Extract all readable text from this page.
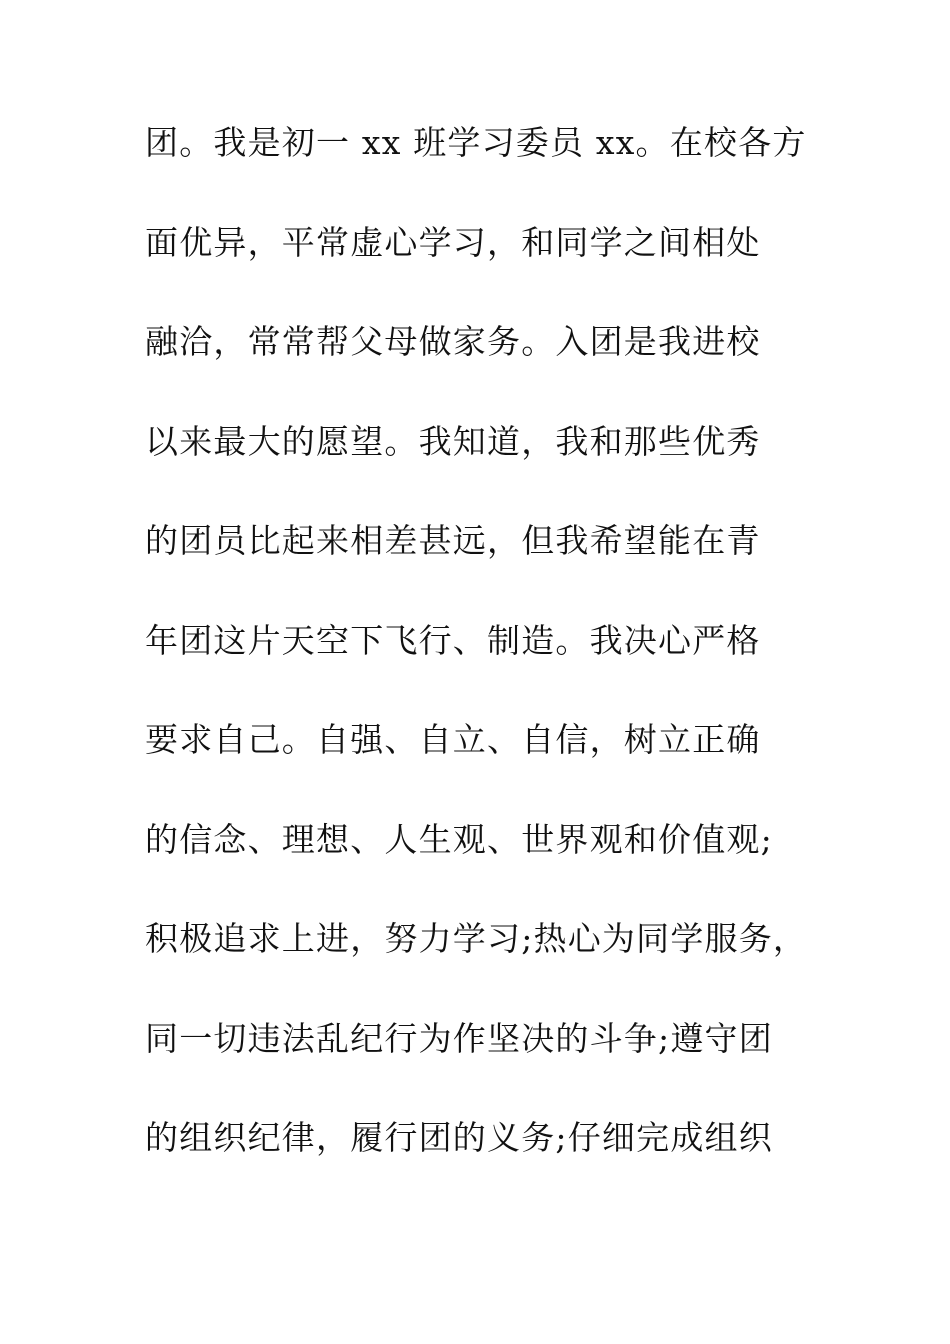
团。我是初一 xx 班学习委员 xx。在校各方
面优异，平常虚心学习，和同学之间相处
融洽，常常帮父母做家务。入团是我进校
以来最大的愿望。我知道，我和那些优秀
的团员比起来相差甚远，但我希望能在青
年团这片天空下飞行、制造。我决心严格
要求自己。自强、自立、自信，树立正确
的信念、理想、人生观、世界观和价值观;
积极追求上进，努力学习;热心为同学服务，
同一切违法乱纪行为作坚决的斗争;遵守团
的组织纪律，履行团的义务;仔细完成组织
